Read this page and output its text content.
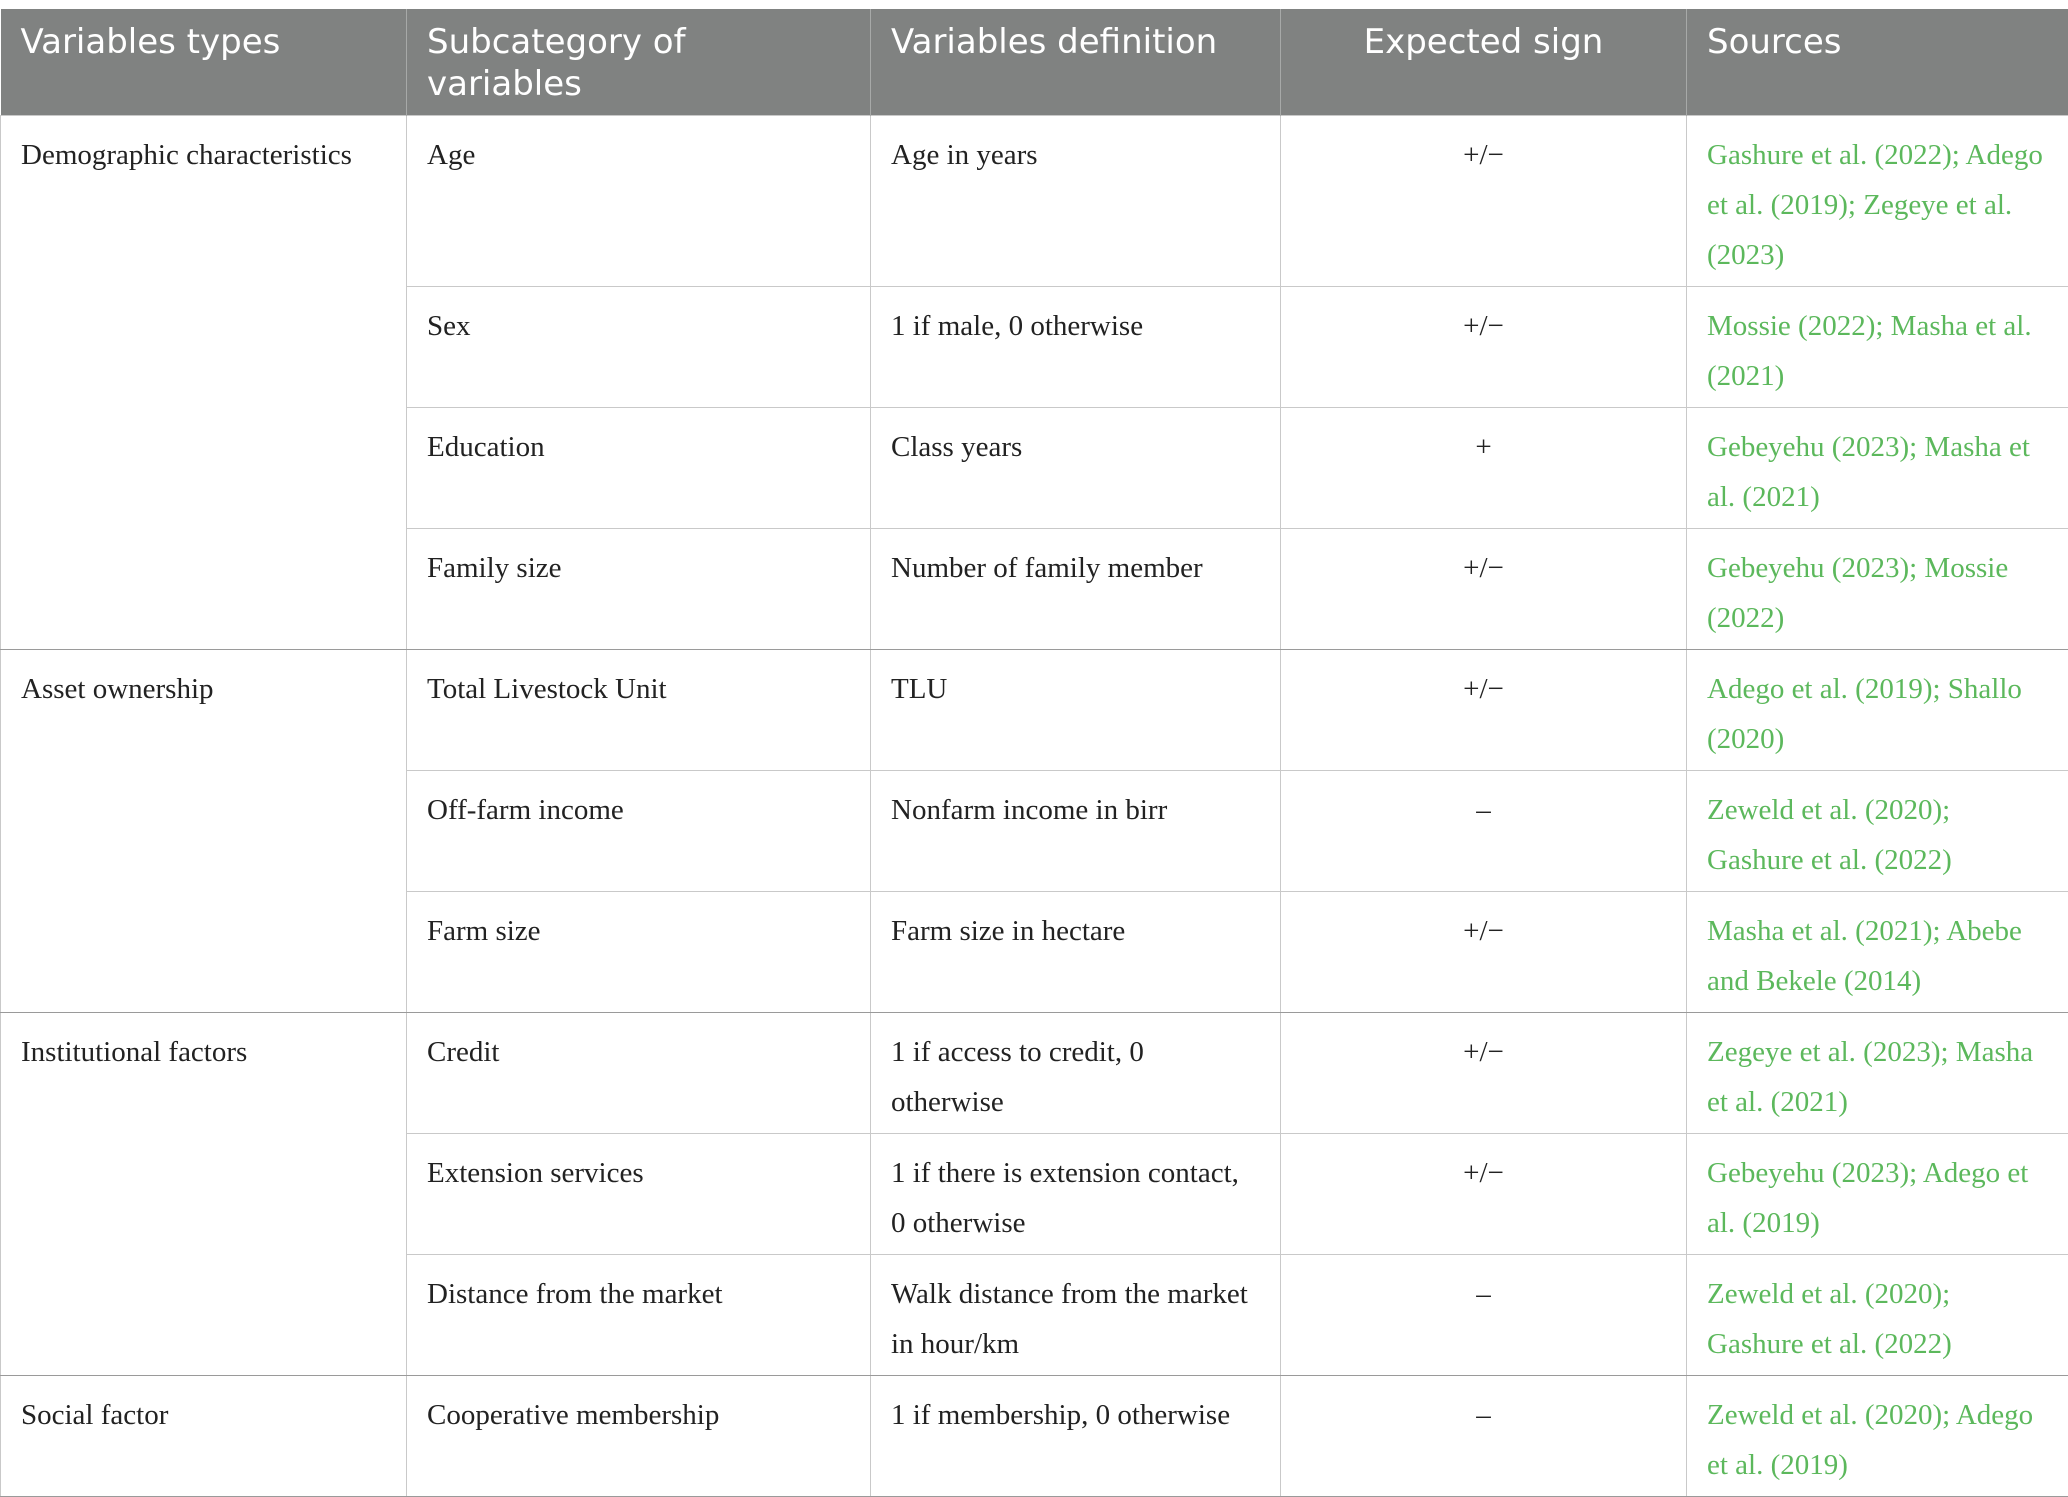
Variables types	Subcategory of variables	Variables definition	Expected sign	Sources
Demographic characteristics	Age	Age in years	+/−	Gashure et al. (2022); Adego et al. (2019); Zegeye et al. (2023)
	Sex	1 if male, 0 otherwise	+/−	Mossie (2022); Masha et al. (2021)
	Education	Class years	+	Gebeyehu (2023); Masha et al. (2021)
	Family size	Number of family member	+/−	Gebeyehu (2023); Mossie (2022)
Asset ownership	Total Livestock Unit	TLU	+/−	Adego et al. (2019); Shallo (2020)
	Off-farm income	Nonfarm income in birr	–	Zeweld et al. (2020); Gashure et al. (2022)
	Farm size	Farm size in hectare	+/−	Masha et al. (2021); Abebe and Bekele (2014)
Institutional factors	Credit	1 if access to credit, 0 otherwise	+/−	Zegeye et al. (2023); Masha et al. (2021)
	Extension services	1 if there is extension contact, 0 otherwise	+/−	Gebeyehu (2023); Adego et al. (2019)
	Distance from the market	Walk distance from the market in hour/km	–	Zeweld et al. (2020); Gashure et al. (2022)
Social factor	Cooperative membership	1 if membership, 0 otherwise	–	Zeweld et al. (2020); Adego et al. (2019)
